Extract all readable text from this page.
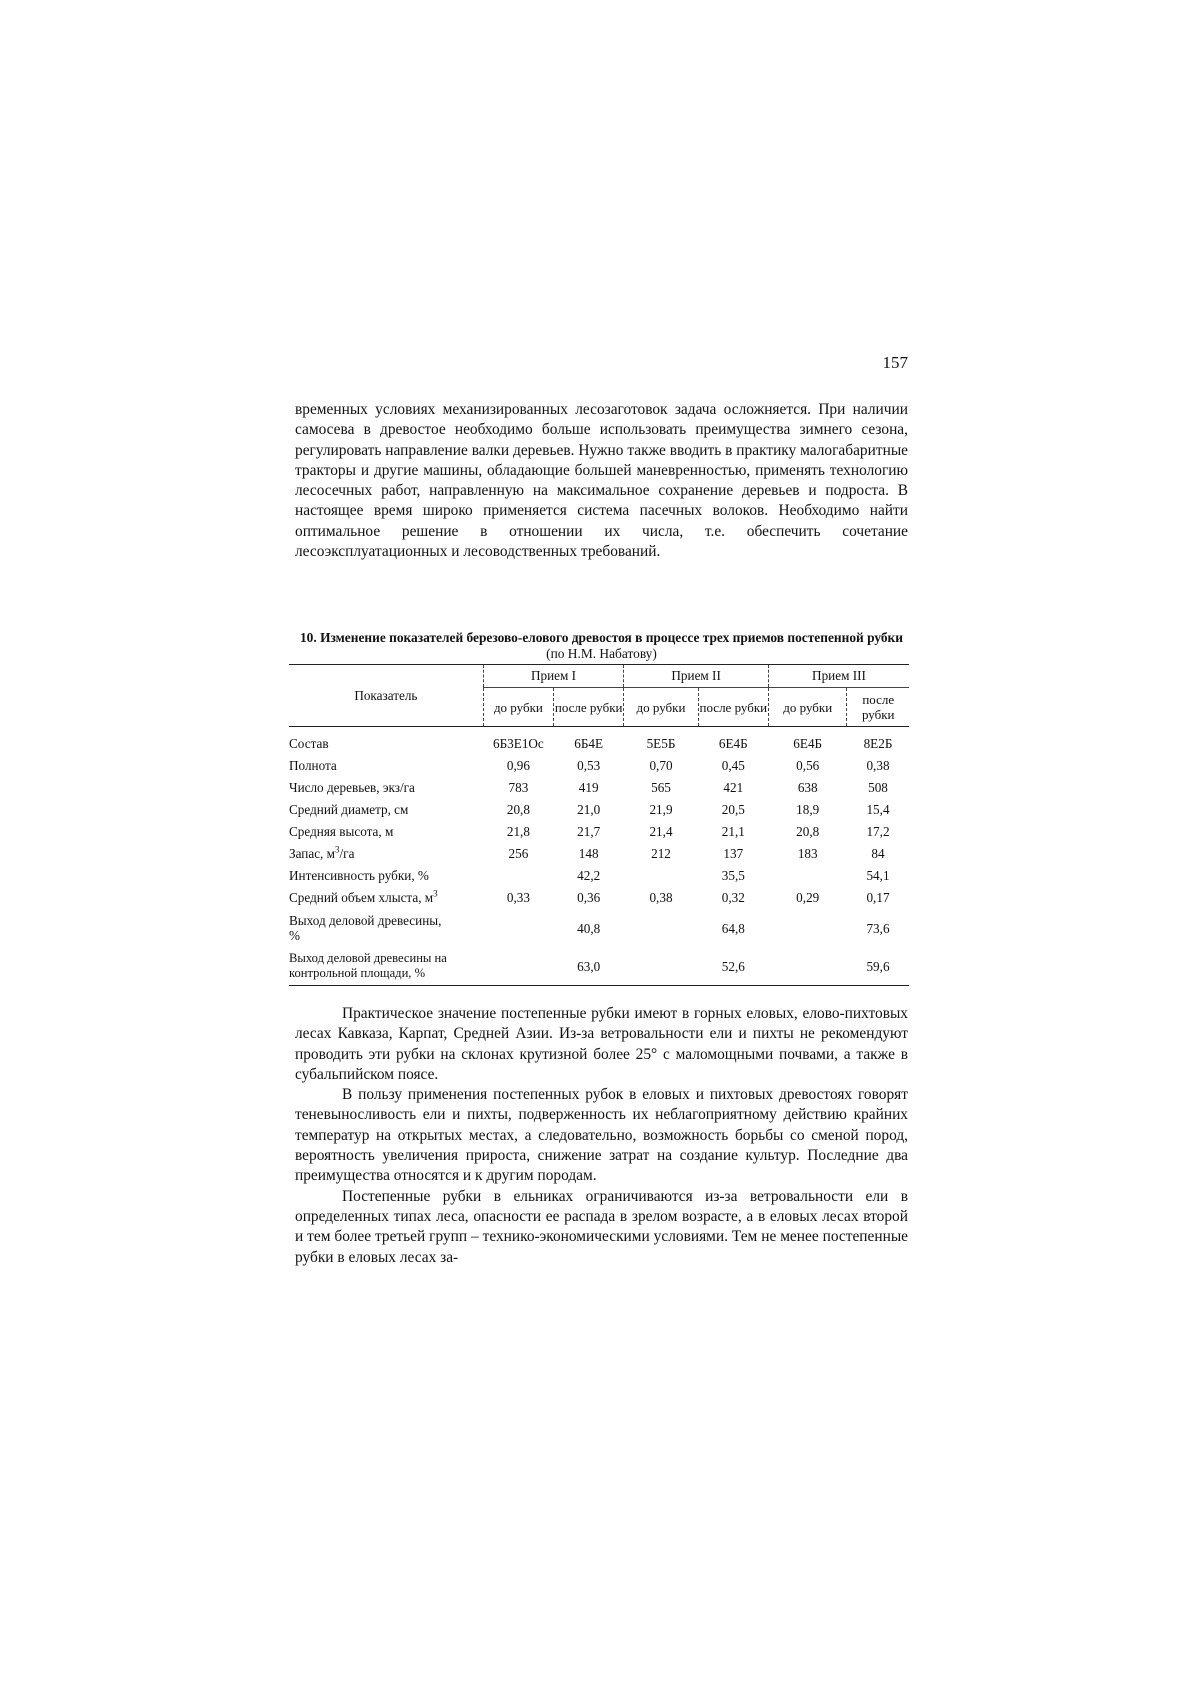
157

временных условиях механизированных лесозаготовок задача осложняется. При наличии самосева в древостое необходимо больше использовать преимущества зимнего сезона, регулировать направление валки деревьев. Нужно также вводить в практику малогабаритные тракторы и другие машины, обладающие большей маневренностью, применять технологию лесосечных работ, направленную на максимальное сохранение деревьев и подроста. В настоящее время широко применяется система пасечных волоков. Необходимо найти оптимальное решение в отношении их числа, т.е. обеспечить сочетание лесоэксплуатационных и лесоводственных требований.

10. Изменение показателей березово-елового древостоя в процессе трех приемов постепенной рубки (по Н.М. Набатову)
Показатель	Прием I		Прием II		Прием III	
	до рубки	после рубки	до рубки	после рубки	до рубки	после рубки
Состав	6Б3Е1Ос	6Б4Е	5Е5Б	6Е4Б	6Е4Б	8Е2Б
Полнота	0,96	0,53	0,70	0,45	0,56	0,38
Число деревьев, экз/га	783	419	565	421	638	508
Средний диаметр, см	20,8	21,0	21,9	20,5	18,9	15,4
Средняя высота, м	21,8	21,7	21,4	21,1	20,8	17,2
Запас, $м^3/га$	256	148	212	137	183	84
Интенсивность рубки, %		42,2		35,5		54,1
Средний объем хлыста, $м^3$	0,33	0,36	0,38	0,32	0,29	0,17
Выход деловой древесины, %		40,8		64,8		73,6
Выход деловой древесины на контрольной площади, %		63,0		52,6		59,6

Практическое значение постепенные рубки имеют в горных еловых, елово-пихтовых лесах Кавказа, Карпат, Средней Азии. Из-за ветровальности ели и пихты не рекомендуют проводить эти рубки на склонах крутизной более 25° с маломощными почвами, а также в субальпийском поясе.

В пользу применения постепенных рубок в еловых и пихтовых древостоях говорят теневыносливость ели и пихты, подверженность их неблагоприятному действию крайних температур на открытых местах, а следовательно, возможность борьбы со сменой пород, вероятность увеличения прироста, снижение затрат на создание культур. Последние два преимущества относятся и к другим породам.

Постепенные рубки в ельниках ограничиваются из-за ветровальности ели в определенных типах леса, опасности ее распада в зрелом возрасте, а в еловых лесах второй и тем более третьей групп – технико-экономическими условиями. Тем не менее постепенные рубки в еловых лесах за-
